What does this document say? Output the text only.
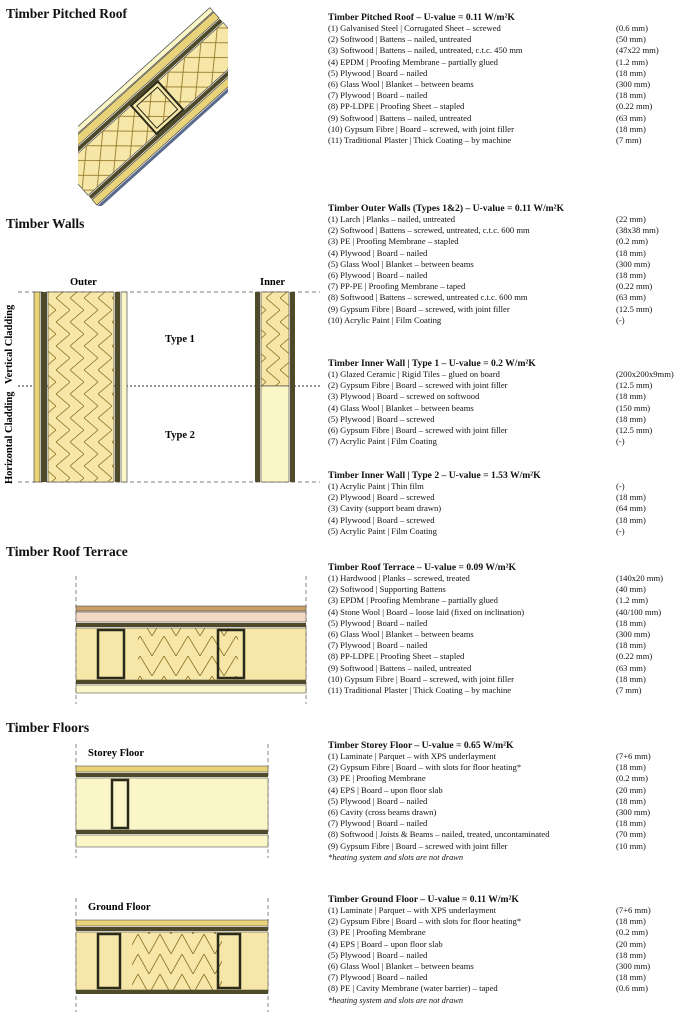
Timber Pitched Roof
Timber Walls
Timber Roof Terrace
Timber Floors
Timber Pitched Roof – U-value = 0.11 W/m²K
(1) Galvanised Steel | Corrugated Sheet – screwed	(0.6 mm)
(2) Softwood | Battens – nailed, untreated	(50 mm)
(3) Softwood | Battens – nailed, untreated, c.t.c. 450 mm	(47x22 mm)
(4) EPDM | Proofing Membrane – partially glued	(1.2 mm)
(5) Plywood | Board – nailed	(18 mm)
(6) Glass Wool | Blanket – between beams	(300 mm)
(7) Plywood | Board – nailed	(18 mm)
(8) PP-LDPE | Proofing Sheet – stapled	(0.22 mm)
(9) Softwood | Battens – nailed, untreated	(63 mm)
(10) Gypsum Fibre | Board – screwed, with joint filler	(18 mm)
(11) Traditional Plaster | Thick Coating – by machine	(7 mm)
Timber Outer Walls (Types 1&2) – U-value = 0.11 W/m²K
(1) Larch | Planks – nailed, untreated	(22 mm)
(2) Softwood | Battens – screwed, untreated, c.t.c. 600 mm	(38x38 mm)
(3) PE | Proofing Membrane – stapled	(0.2 mm)
(4) Plywood | Board – nailed	(18 mm)
(5) Glass Wool | Blanket – between beams	(300 mm)
(6) Plywood | Board – nailed	(18 mm)
(7) PP-PE | Proofing Membrane – taped	(0.22 mm)
(8) Softwood | Battens – screwed, untreated c.t.c. 600 mm	(63 mm)
(9) Gypsum Fibre | Board – screwed, with joint filler	(12.5 mm)
(10) Acrylic Paint | Film Coating	(-)
Timber Inner Wall | Type 1 – U-value = 0.2 W/m²K
(1) Glazed Ceramic | Rigid Tiles – glued on board	(200x200x9mm)
(2) Gypsum Fibre | Board – screwed with joint filler	(12.5 mm)
(3) Plywood | Board – screwed on softwood	(18 mm)
(4) Glass Wool | Blanket – between beams	(150 mm)
(5) Plywood | Board – screwed	(18 mm)
(6) Gypsum Fibre | Board – screwed with joint filler	(12.5 mm)
(7) Acrylic Paint | Film Coating	(-)
Timber Inner Wall | Type 2 – U-value = 1.53 W/m²K
(1) Acrylic Paint | Thin film	(-)
(2) Plywood | Board – screwed	(18 mm)
(3) Cavity (support beam drawn)	(64 mm)
(4) Plywood | Board – screwed	(18 mm)
(5) Acrylic Paint | Film Coating	(-)
Timber Roof Terrace – U-value = 0.09 W/m²K
(1) Hardwood | Planks – screwed, treated	(140x20 mm)
(2) Softwood | Supporting Battens	(40 mm)
(3) EPDM | Proofing Membrane – partially glued	(1.2 mm)
(4) Stone Wool | Board – loose laid (fixed on inclination)	(40/100 mm)
(5) Plywood | Board – nailed	(18 mm)
(6) Glass Wool | Blanket – between beams	(300 mm)
(7) Plywood | Board – nailed	(18 mm)
(8) PP-LDPE | Proofing Sheet – stapled	(0.22 mm)
(9) Softwood | Battens – nailed, untreated	(63 mm)
(10) Gypsum Fibre | Board – screwed, with joint filler	(18 mm)
(11) Traditional Plaster | Thick Coating – by machine	(7 mm)
Timber Storey Floor – U-value = 0.65 W/m²K
(1) Laminate | Parquet – with XPS underlayment	(7+6 mm)
(2) Gypsum Fibre | Board – with slots for floor heating*	(18 mm)
(3) PE | Proofing Membrane	(0.2 mm)
(4) EPS | Board – upon floor slab	(20 mm)
(5) Plywood | Board – nailed	(18 mm)
(6) Cavity (cross beams drawn)	(300 mm)
(7) Plywood | Board – nailed	(18 mm)
(8) Softwood | Joists & Beams – nailed, treated, uncontaminated	(70 mm)
(9) Gypsum Fibre | Board – screwed with joint filler	(10 mm)
*heating system and slots are not drawn
Timber Ground Floor – U-value = 0.11 W/m²K
(1) Laminate | Parquet – with XPS underlayment	(7+6 mm)
(2) Gypsum Fibre | Board – with slots for floor heating*	(18 mm)
(3) PE | Proofing Membrane	(0.2 mm)
(4) EPS | Board – upon floor slab	(20 mm)
(5) Plywood | Board – nailed	(18 mm)
(6) Glass Wool | Blanket – between beams	(300 mm)
(7) Plywood | Board – nailed	(18 mm)
(8) PE | Cavity Membrane (water barrier) – taped	(0.6 mm)
*heating system and slots are not drawn
Outer	Inner
Type 1
Type 2
Vertical Cladding
Horizontal Cladding
Storey Floor
Ground Floor
